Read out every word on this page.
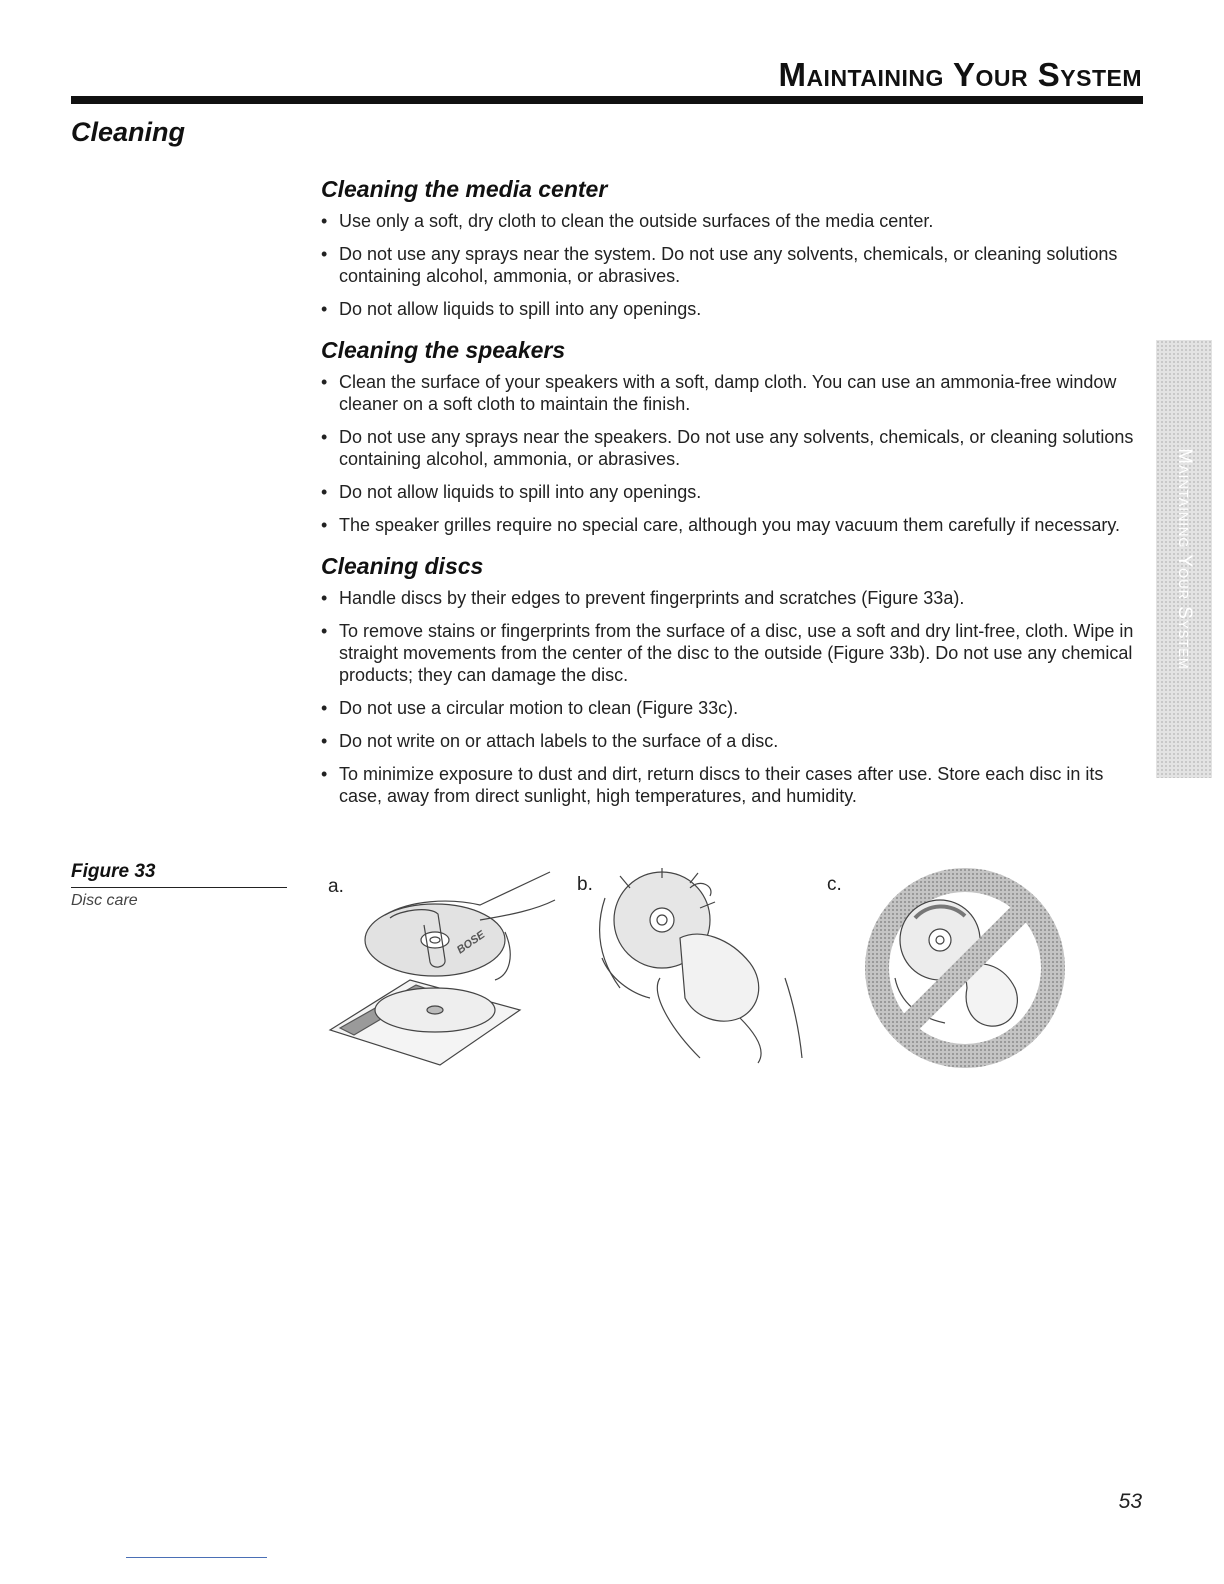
Maintaining Your System
Cleaning
Cleaning the media center
• Use only a soft, dry cloth to clean the outside surfaces of the media center.
• Do not use any sprays near the system. Do not use any solvents, chemicals, or cleaning solutions containing alcohol, ammonia, or abrasives.
• Do not allow liquids to spill into any openings.
Cleaning the speakers
• Clean the surface of your speakers with a soft, damp cloth. You can use an ammonia-free window cleaner on a soft cloth to maintain the finish.
• Do not use any sprays near the speakers. Do not use any solvents, chemicals, or cleaning solutions containing alcohol, ammonia, or abrasives.
• Do not allow liquids to spill into any openings.
• The speaker grilles require no special care, although you may vacuum them carefully if necessary.
Cleaning discs
• Handle discs by their edges to prevent fingerprints and scratches (Figure 33a).
• To remove stains or fingerprints from the surface of a disc, use a soft and dry lint-free, cloth. Wipe in straight movements from the center of the disc to the outside (Figure 33b). Do not use any chemical products; they can damage the disc.
• Do not use a circular motion to clean (Figure 33c).
• Do not write on or attach labels to the surface of a disc.
• To minimize exposure to dust and dirt, return discs to their cases after use. Store each disc in its case, away from direct sunlight, high temperatures, and humidity.
Maintaining Your System
Figure 33
Disc care
a.	b.	c.
BOSE
53
